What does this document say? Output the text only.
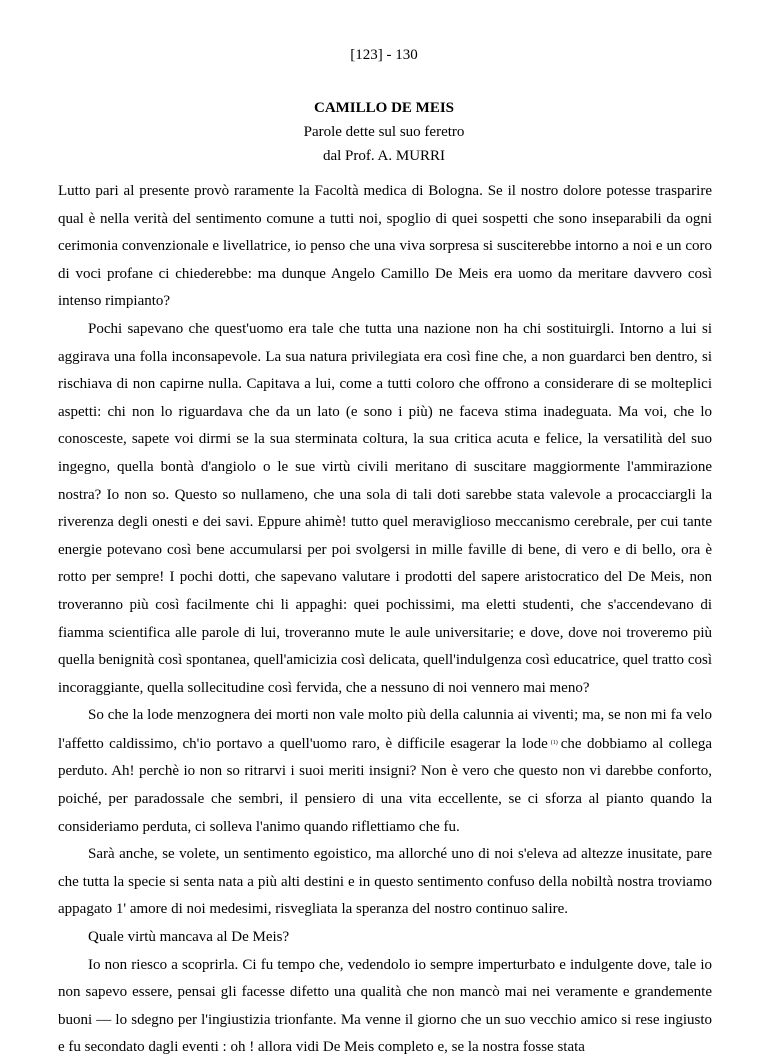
[123] - 130
CAMILLO DE MEIS
Parole dette sul suo feretro
dal Prof. A. MURRI

Lutto pari al presente provò raramente la Facoltà medica di Bologna. Se il nostro dolore potesse trasparire qual è nella verità del sentimento comune a tutti noi, spoglio di quei sospetti che sono inseparabili da ogni cerimonia convenzionale e livellatrice, io penso che una viva sorpresa si susciterebbe intorno a noi e un coro di voci profane ci chiederebbe: ma dunque Angelo Camillo De Meis era uomo da meritare davvero così intenso rimpianto?

Pochi sapevano che quest'uomo era tale che tutta una nazione non ha chi sostituirgli. Intorno a lui si aggirava una folla inconsapevole. La sua natura privilegiata era così fine che, a non guardarci ben dentro, si rischiava di non capirne nulla. Capitava a lui, come a tutti coloro che offrono a considerare di se molteplici aspetti: chi non lo riguardava che da un lato (e sono i più) ne faceva stima inadeguata. Ma voi, che lo conosceste, sapete voi dirmi se la sua sterminata coltura, la sua critica acuta e felice, la versatilità del suo ingegno, quella bontà d'angiolo o le sue virtù civili meritano di suscitare maggiormente l'ammirazione nostra? Io non so. Questo so nullameno, che una sola di tali doti sarebbe stata valevole a procacciargli la riverenza degli onesti e dei savi. Eppure ahimè! tutto quel meraviglioso meccanismo cerebrale, per cui tante energie potevano così bene accumularsi per poi svolgersi in mille faville di bene, di vero e di bello, ora è rotto per sempre! I pochi dotti, che sapevano valutare i prodotti del sapere aristocratico del De Meis, non troveranno più così facilmente chi li appaghi: quei pochissimi, ma eletti studenti, che s'accendevano di fiamma scientifica alle parole di lui, troveranno mute le aule universitarie; e dove, dove noi troveremo più quella benignità così spontanea, quell'amicizia così delicata, quell'indulgenza così educatrice, quel tratto così incoraggiante, quella sollecitudine così fervida, che a nessuno di noi vennero mai meno?

So che la lode menzognera dei morti non vale molto più della calunnia ai viventi; ma, se non mi fa velo l'affetto caldissimo, ch'io portavo a quell'uomo raro, è difficile esagerar la lode $^{(1)}$ che dobbiamo al collega perduto. Ah! perchè io non so ritrarvi i suoi meriti insigni? Non è vero che questo non vi darebbe conforto, poiché, per paradossale che sembri, il pensiero di una vita eccellente, se ci sforza al pianto quando la consideriamo perduta, ci solleva l'animo quando riflettiamo che fu.

Sarà anche, se volete, un sentimento egoistico, ma allorché uno di noi s'eleva ad altezze inusitate, pare che tutta la specie si senta nata a più alti destini e in questo sentimento confuso della nobiltà nostra troviamo appagato 1' amore di noi medesimi, risvegliata la speranza del nostro continuo salire.

Quale virtù mancava al De Meis?

Io non riesco a scoprirla. Ci fu tempo che, vedendolo io sempre imperturbato e indulgente dove, tale io non sapevo essere, pensai gli facesse difetto una qualità che non mancò mai nei veramente e grandemente buoni — lo sdegno per l'ingiustizia trionfante. Ma venne il giorno che un suo vecchio amico si rese ingiusto e fu secondato dagli eventi : oh ! allora vidi De Meis completo e, se la nostra fosse stata
